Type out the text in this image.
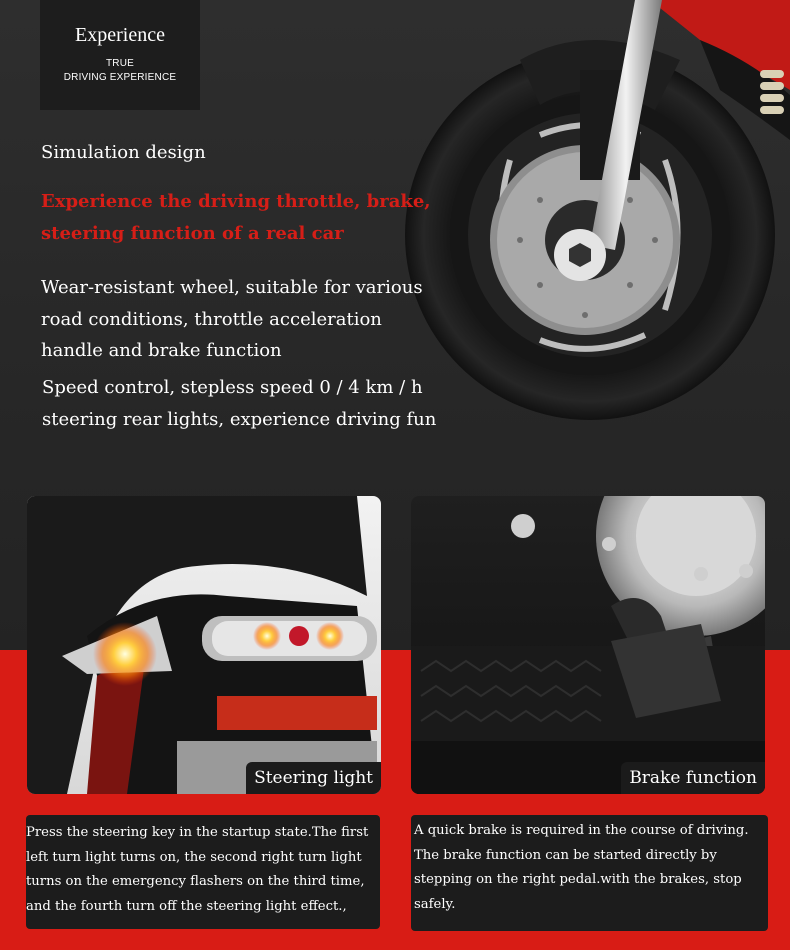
Experience
TRUE
DRIVING EXPERIENCE
Simulation design
Experience the driving throttle, brake, steering function of a real car
Wear-resistant wheel, suitable for various road conditions, throttle acceleration handle and brake function
Speed control, stepless speed 0 / 4 km / h steering rear lights, experience driving fun
Steering light	Brake function
Press the steering key in the startup state.The first left turn light turns on, the second right turn light turns on the emergency flashers on the third time, and the fourth turn off the steering light effect.,
A quick brake is required in the course of driving. The brake function can be started directly by stepping on the right pedal.with the brakes, stop safely.
